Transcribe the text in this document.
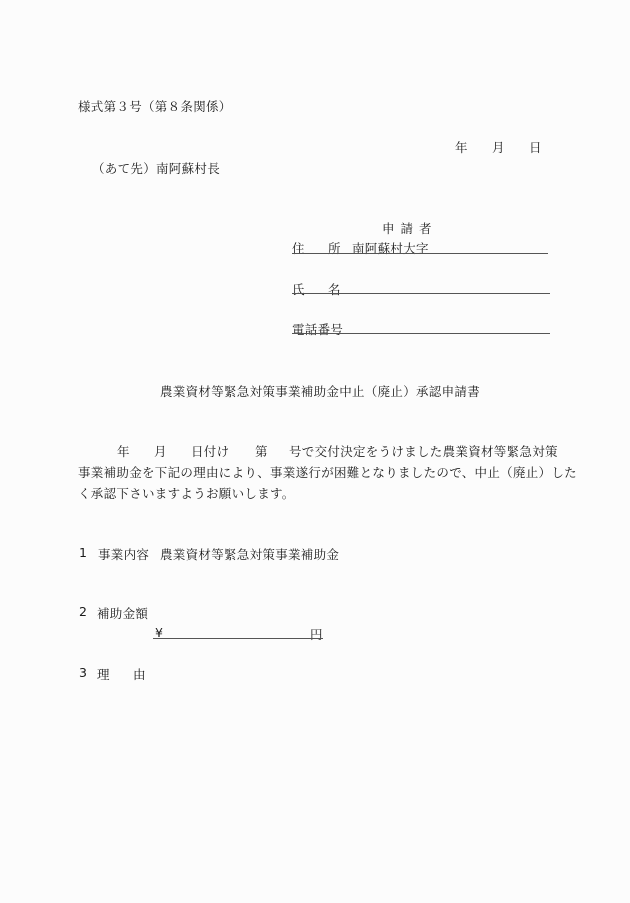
様式第３号（第８条関係）
年 月 日
（あて先）南阿蘇村長
申 請 者
住 所 南阿蘇村大字
氏 名
電話番号
農業資材等緊急対策事業補助金中止（廃止）承認申請書
年 月 日付け 第 号で交付決定をうけました農業資材等緊急対策
事業補助金を下記の理由により、事業遂行が困難となりましたので、中止（廃止）した
く承認下さいますようお願いします。
1 事業内容 農業資材等緊急対策事業補助金
2 補助金額
¥	円
3 理 由
